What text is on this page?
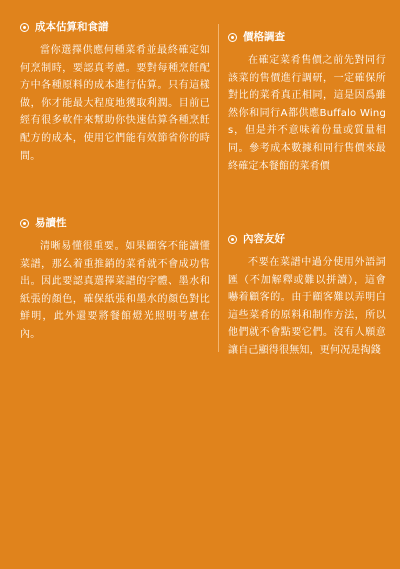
成本估算和食譜
當你選擇供應何種菜肴並最終確定如何烹制時，要認真考慮。要對每種烹飪配方中各種原料的成本進行估算。只有這樣做，你才能最大程度地獲取利潤。目前已經有很多軟件來幫助你快速估算各種烹飪配方的成本，使用它們能有效節省你的時間。
易讀性
清晰易懂很重要。如果顧客不能讀懂菜譜，那么着重推銷的菜肴就不會成功售出。因此要認真選擇菜譜的字體、墨水和紙張的顏色，確保紙張和墨水的顏色對比鮮明，此外還要將餐館燈光照明考慮在內。
價格調查
在確定菜肴售價之前先對同行該菜的售價進行調研，一定確保所對比的菜肴真正相同，這是因爲雖然你和同行A都供應Buffalo Wings，但是并不意味着份量或質量相同。參考成本數據和同行售價來最終確定本餐館的菜肴價
內容友好
不要在菜譜中過分使用外語詞匯（不加解釋或難以拼讀），這會嚇着顧客的。由于顧客難以弄明白這些菜肴的原料和制作方法，所以他們就不會點要它們。沒有人願意讓自己顯得很無知，更何况是掏錢
